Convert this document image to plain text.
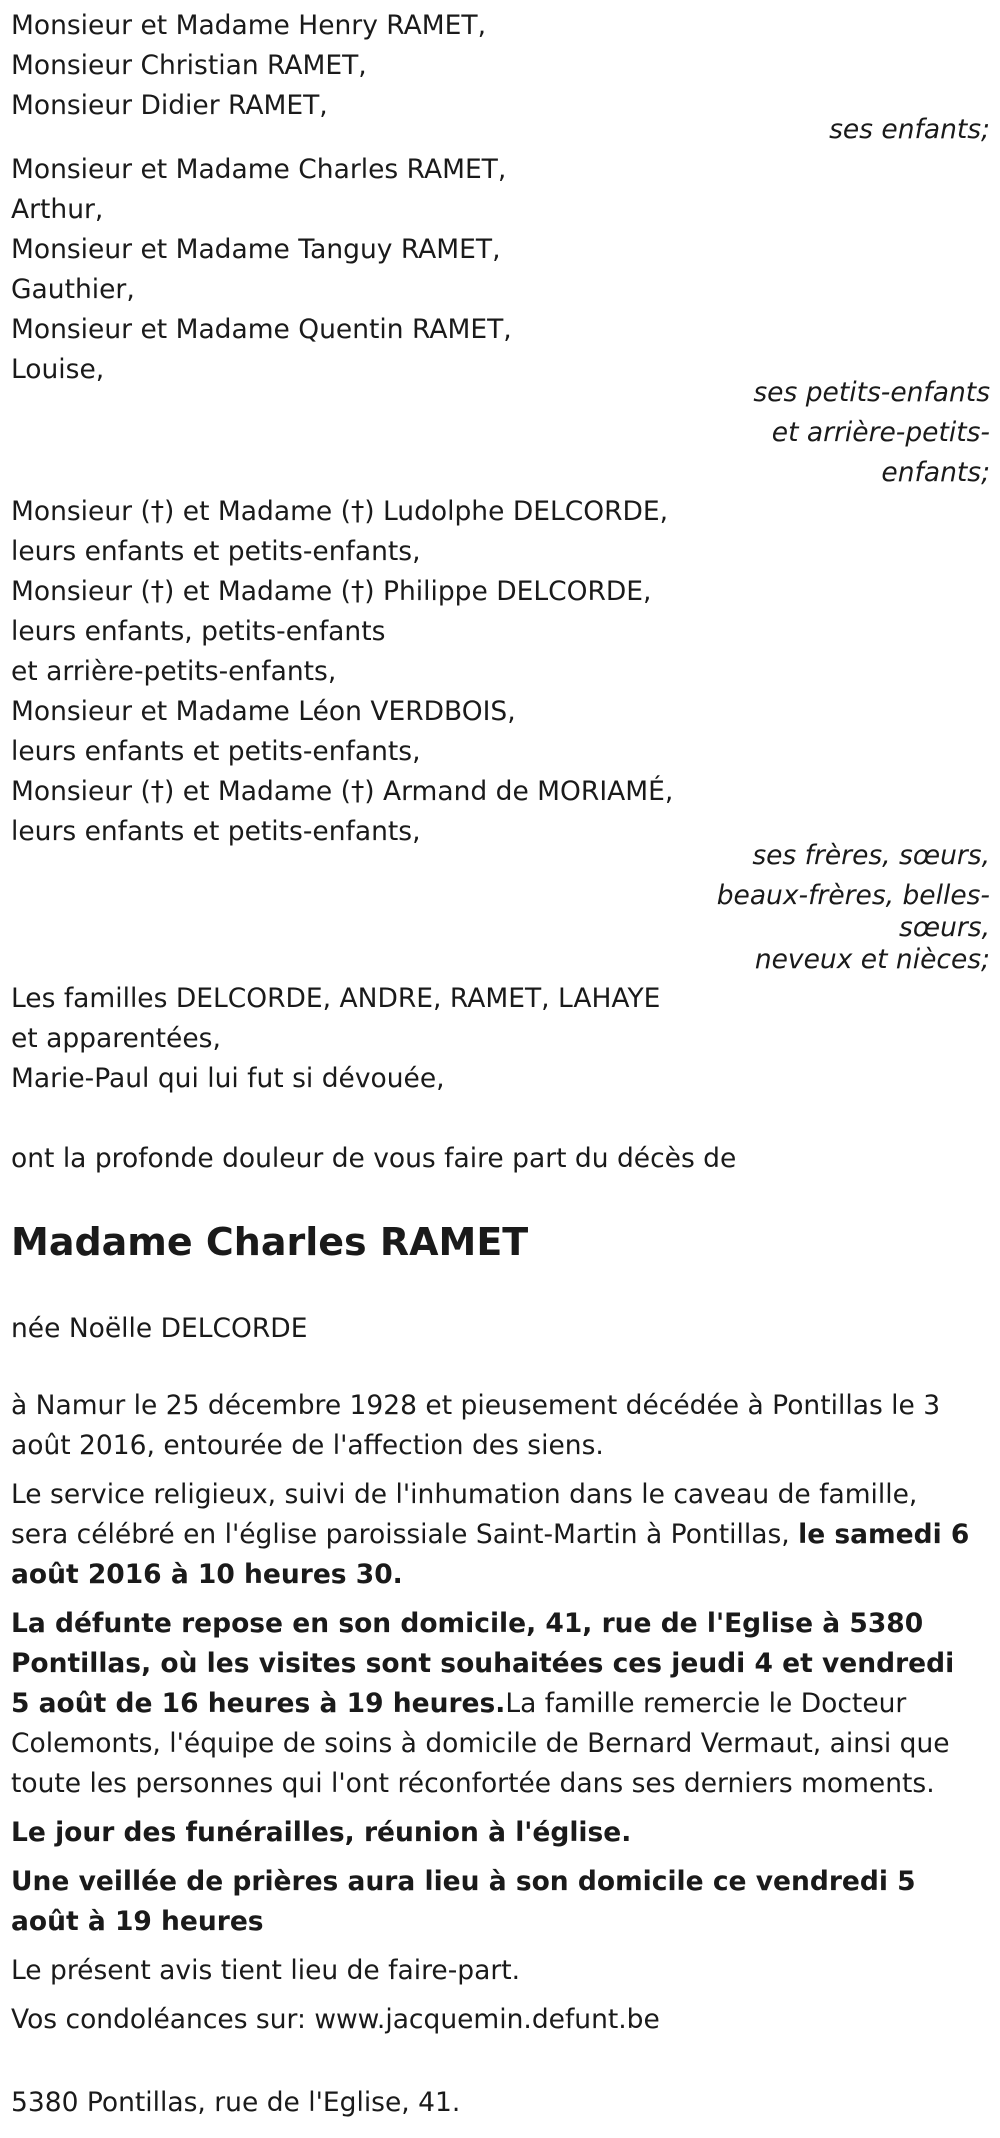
Monsieur et Madame Henry RAMET,
Monsieur Christian RAMET,
Monsieur Didier RAMET,
ses enfants;
Monsieur et Madame Charles RAMET,
Arthur,
Monsieur et Madame Tanguy RAMET,
Gauthier,
Monsieur et Madame Quentin RAMET,
Louise,
ses petits-enfants
et arrière-petits-
enfants;
Monsieur (†) et Madame (†) Ludolphe DELCORDE,
leurs enfants et petits-enfants,
Monsieur (†) et Madame (†) Philippe DELCORDE,
leurs enfants, petits-enfants
et arrière-petits-enfants,
Monsieur et Madame Léon VERDBOIS,
leurs enfants et petits-enfants,
Monsieur (†) et Madame (†) Armand de MORIAMÉ,
leurs enfants et petits-enfants,
ses frères, sœurs,
beaux-frères, belles-
sœurs,
neveux et nièces;
Les familles DELCORDE, ANDRE, RAMET, LAHAYE
et apparentées,
Marie-Paul qui lui fut si dévouée,
ont la profonde douleur de vous faire part du décès de
Madame Charles RAMET
née Noëlle DELCORDE

à Namur le 25 décembre 1928 et pieusement décédée à Pontillas le 3 août 2016, entourée de l'affection des siens.

Le service religieux, suivi de l'inhumation dans le caveau de famille, sera célébré en l'église paroissiale Saint-Martin à Pontillas, le samedi 6 août 2016 à 10 heures 30.

La défunte repose en son domicile, 41, rue de l'Eglise à 5380 Pontillas, où les visites sont souhaitées ces jeudi 4 et vendredi 5 août de 16 heures à 19 heures.La famille remercie le Docteur Colemonts, l'équipe de soins à domicile de Bernard Vermaut, ainsi que toute les personnes qui l'ont réconfortée dans ses derniers moments.

Le jour des funérailles, réunion à l'église.

Une veillée de prières aura lieu à son domicile ce vendredi 5 août à 19 heures

Le présent avis tient lieu de faire-part.

Vos condoléances sur: www.jacquemin.defunt.be

5380 Pontillas, rue de l'Eglise, 41.
